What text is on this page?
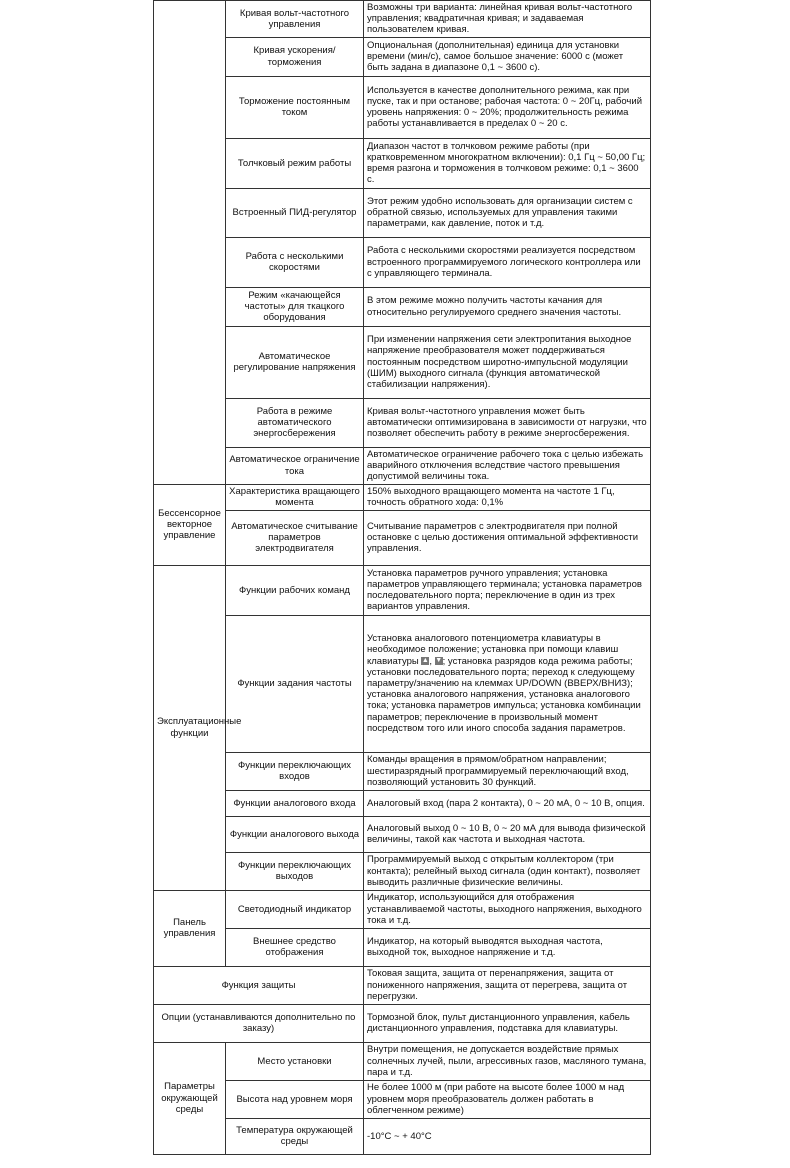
	Кривая вольт-частотного управления	Возможны три варианта: линейная кривая вольт-частотного управления; квадратичная кривая; и задаваемая пользователем кривая.
	Кривая ускорения/торможения	Опциональная (дополнительная) единица для установки времени (мин/с), самое большое значение: 6000 с (может быть задана в диапазоне 0,1 ~ 3600 с).
	Торможение постоянным током	Используется в качестве дополнительного режима, как при пуске, так и при останове; рабочая частота: 0 ~ 20Гц, рабочий уровень напряжения: 0 ~ 20%; продолжительность режима работы устанавливается в пределах 0 ~ 20 с.
	Толчковый режим работы	Диапазон частот в толчковом режиме работы (при кратковременном многократном включении): 0,1 Гц ~ 50,00 Гц; время разгона и торможения в толчковом режиме: 0,1 ~ 3600 с.
	Встроенный ПИД-регулятор	Этот режим удобно использовать для организации систем с обратной связью, используемых для управления такими параметрами, как давление, поток и т.д.
	Работа с несколькими скоростями	Работа с несколькими скоростями реализуется посредством встроенного программируемого логического контроллера или с управляющего терминала.
	Режим «качающейся частоты» для ткацкого оборудования	В этом режиме можно получить частоты качания для относительно регулируемого среднего значения частоты.
	Автоматическое регулирование напряжения	При изменении напряжения сети электропитания выходное напряжение преобразователя может поддерживаться постоянным посредством широтно-импульсной модуляции (ШИМ) выходного сигнала (функция автоматической стабилизации напряжения).
	Работа в режиме автоматического энергосбережения	Кривая вольт-частотного управления может быть автоматически оптимизирована в зависимости от нагрузки, что позволяет обеспечить работу в режиме энергосбережения.
	Автоматическое ограничение тока	Автоматическое ограничение рабочего тока с целью избежать аварийного отключения вследствие частого превышения допустимой величины тока.
Бессенсорное векторное управление	Характеристика вращающего момента	150% выходного вращающего момента на частоте 1 Гц, точность обратного хода: 0,1%
	Автоматическое считывание параметров электродвигателя	Считывание параметров с электродвигателя при полной остановке с целью достижения оптимальной эффективности управления.
Эксплуатационные функции	Функции рабочих команд	Установка параметров ручного управления; установка параметров управляющего терминала; установка параметров последовательного порта; переключение в один из трех вариантов управления.
	Функции задания частоты	Установка аналогового потенциометра клавиатуры в необходимое положение; установка при помощи клавиш клавиатуры ▲, ▼; установка разрядов кода режима работы; установки последовательного порта; переход к следующему параметру/значению на клеммах UP/DOWN (ВВЕРХ/ВНИЗ); установка аналогового напряжения, установка аналогового тока; установка параметров импульса; установка комбинации параметров; переключение в произвольный момент посредством того или иного способа задания параметров.
	Функции переключающих входов	Команды вращения в прямом/обратном направлении; шестиразрядный программируемый переключающий вход, позволяющий установить 30 функций.
	Функции аналогового входа	Аналоговый вход (пара 2 контакта), 0 ~ 20 мА, 0 ~ 10 В, опция.
	Функции аналогового выхода	Аналоговый выход 0 ~ 10 В, 0 ~ 20 мА для вывода физической величины, такой как частота и выходная частота.
	Функции переключающих выходов	Программируемый выход с открытым коллектором (три контакта); релейный выход сигнала (один контакт), позволяет выводить различные физические величины.
Панель управления	Светодиодный индикатор	Индикатор, использующийся для отображения устанавливаемой частоты, выходного напряжения, выходного тока и т.д.
	Внешнее средство отображения	Индикатор, на который выводятся выходная частота, выходной ток, выходное напряжение и т.д.
Функция защиты		Токовая защита, защита от перенапряжения, защита от пониженного напряжения, защита от перегрева, защита от перегрузки.
Опции (устанавливаются дополнительно по заказу)		Тормозной блок, пульт дистанционного управления, кабель дистанционного управления, подставка для клавиатуры.
Параметры окружающей среды	Место установки	Внутри помещения, не допускается воздействие прямых солнечных лучей, пыли, агрессивных газов, масляного тумана, пара и т.д.
	Высота над уровнем моря	Не более 1000 м (при работе на высоте более 1000 м над уровнем моря преобразователь должен работать в облегченном режиме)
	Температура окружающей среды	-10°C ~ + 40°C
